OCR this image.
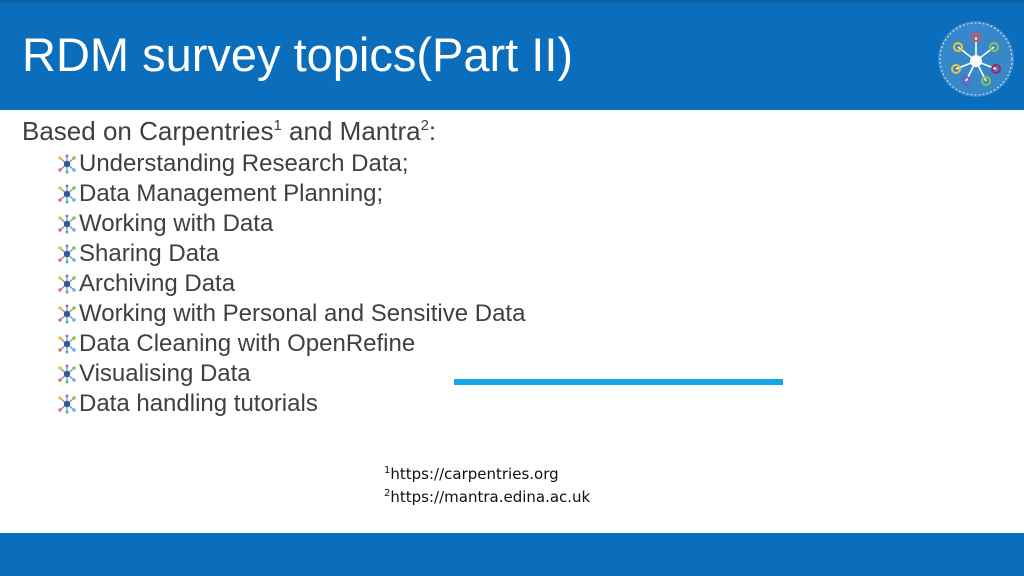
RDM survey topics(Part II)
Based on Carpentries$^1$ and Mantra$^2$:
Understanding Research Data;
Data Management Planning;
Working with Data
Sharing Data
Archiving Data
Working with Personal and Sensitive Data
Data Cleaning with OpenRefine
Visualising Data
Data handling tutorials
$^1$https://carpentries.org
$^2$https://mantra.edina.ac.uk
